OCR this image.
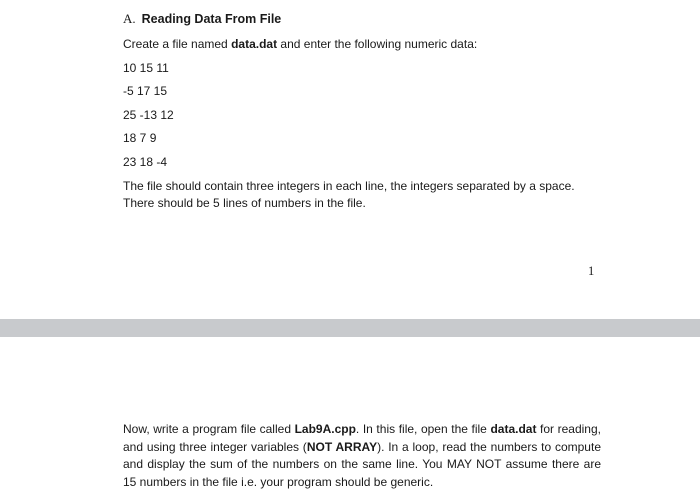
A. Reading Data From File
Create a file named data.dat and enter the following numeric data:
10 15 11
-5 17 15
25 -13 12
18 7 9
23 18 -4
The file should contain three integers in each line, the integers separated by a space.
There should be 5 lines of numbers in the file.
1
Now, write a program file called Lab9A.cpp. In this file, open the file data.dat for reading, and using three integer variables (NOT ARRAY). In a loop, read the numbers to compute and display the sum of the numbers on the same line. You MAY NOT assume there are 15 numbers in the file i.e. your program should be generic.
